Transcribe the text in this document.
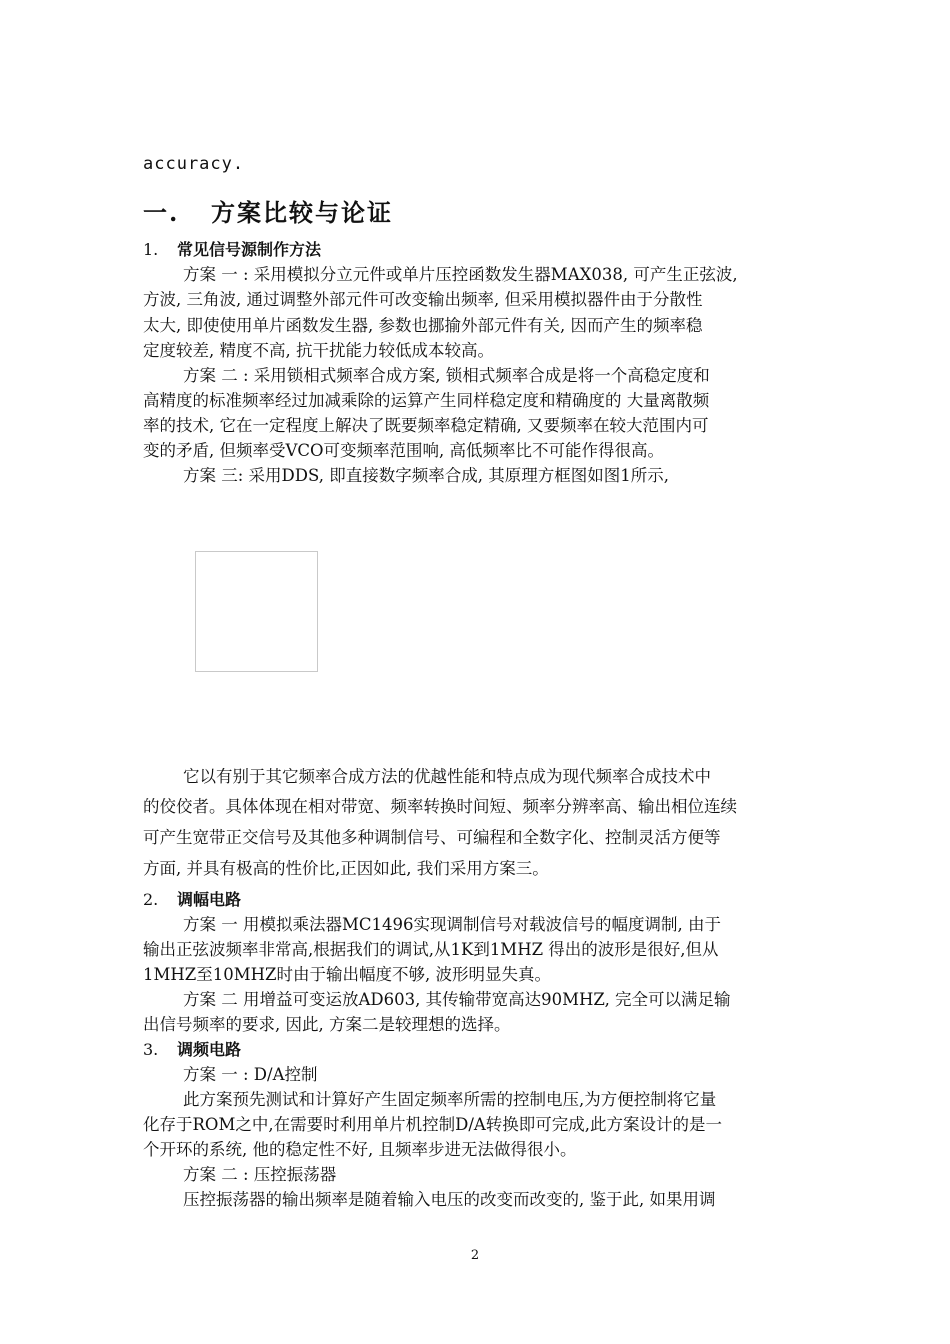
accuracy.

一. 方案比较与论证
1. 常见信号源制作方法

方案 一 : 采用模拟分立元件或单片压控函数发生器MAX038, 可产生正弦波,

方波, 三角波, 通过调整外部元件可改变输出频率, 但采用模拟器件由于分散性

太大, 即使使用单片函数发生器, 参数也挪揄外部元件有关, 因而产生的频率稳

定度较差, 精度不高, 抗干扰能力较低成本较高。

方案 二 : 采用锁相式频率合成方案, 锁相式频率合成是将一个高稳定度和

高精度的标准频率经过加减乘除的运算产生同样稳定度和精确度的 大量离散频

率的技术, 它在一定程度上解决了既要频率稳定精确, 又要频率在较大范围内可

变的矛盾, 但频率受VCO可变频率范围响, 高低频率比不可能作得很高。

方案 三: 采用DDS, 即直接数字频率合成, 其原理方框图如图1所示,

它以有别于其它频率合成方法的优越性能和特点成为现代频率合成技术中

的佼佼者。具体体现在相对带宽、频率转换时间短、频率分辨率高、输出相位连续

可产生宽带正交信号及其他多种调制信号、可编程和全数字化、控制灵活方便等

方面, 并具有极高的性价比,正因如此, 我们采用方案三。

2. 调幅电路

方案 一 用模拟乘法器MC1496实现调制信号对载波信号的幅度调制, 由于

输出正弦波频率非常高,根据我们的调试,从1K到1MHZ 得出的波形是很好,但从

1MHZ至10MHZ时由于输出幅度不够, 波形明显失真。

方案 二 用增益可变运放AD603, 其传输带宽高达90MHZ, 完全可以满足输

出信号频率的要求, 因此, 方案二是较理想的选择。

3. 调频电路

方案 一 : D/A控制

此方案预先测试和计算好产生固定频率所需的控制电压,为方便控制将它量

化存于ROM之中,在需要时利用单片机控制D/A转换即可完成,此方案设计的是一

个开环的系统, 他的稳定性不好, 且频率步进无法做得很小。

方案 二 : 压控振荡器

压控振荡器的输出频率是随着输入电压的改变而改变的, 鉴于此, 如果用调

2
